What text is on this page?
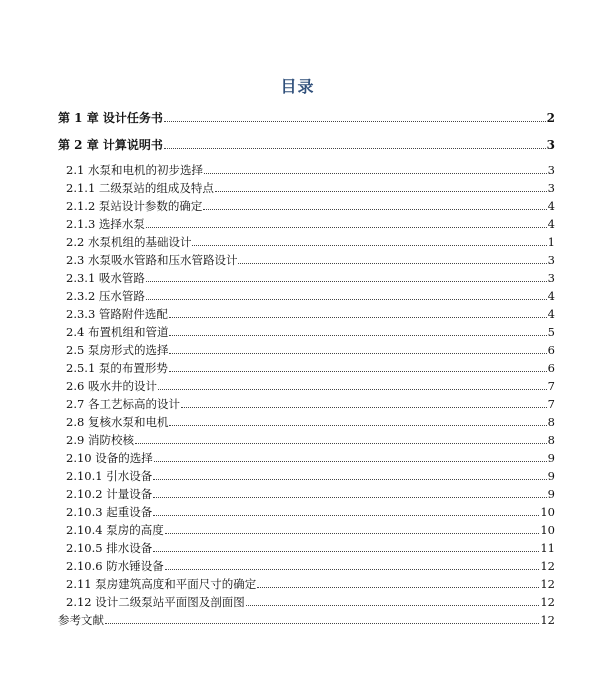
目录
第 1 章 设计任务书	2
第 2 章 计算说明书	3
2.1 水泵和电机的初步选择	3
2.1.1 二级泵站的组成及特点	3
2.1.2 泵站设计参数的确定	4
2.1.3 选择水泵	4
2.2 水泵机组的基础设计	1
2.3 水泵吸水管路和压水管路设计	3
2.3.1 吸水管路	3
2.3.2 压水管路	4
2.3.3 管路附件选配	4
2.4 布置机组和管道	5
2.5 泵房形式的选择	6
2.5.1 泵的布置形势	6
2.6 吸水井的设计	7
2.7 各工艺标高的设计	7
2.8 复核水泵和电机	8
2.9 消防校核	8
2.10 设备的选择	9
2.10.1 引水设备	9
2.10.2 计量设备	9
2.10.3 起重设备	10
2.10.4 泵房的高度	10
2.10.5 排水设备	11
2.10.6 防水锤设备	12
2.11 泵房建筑高度和平面尺寸的确定	12
2.12 设计二级泵站平面图及剖面图	12
参考文献	12
